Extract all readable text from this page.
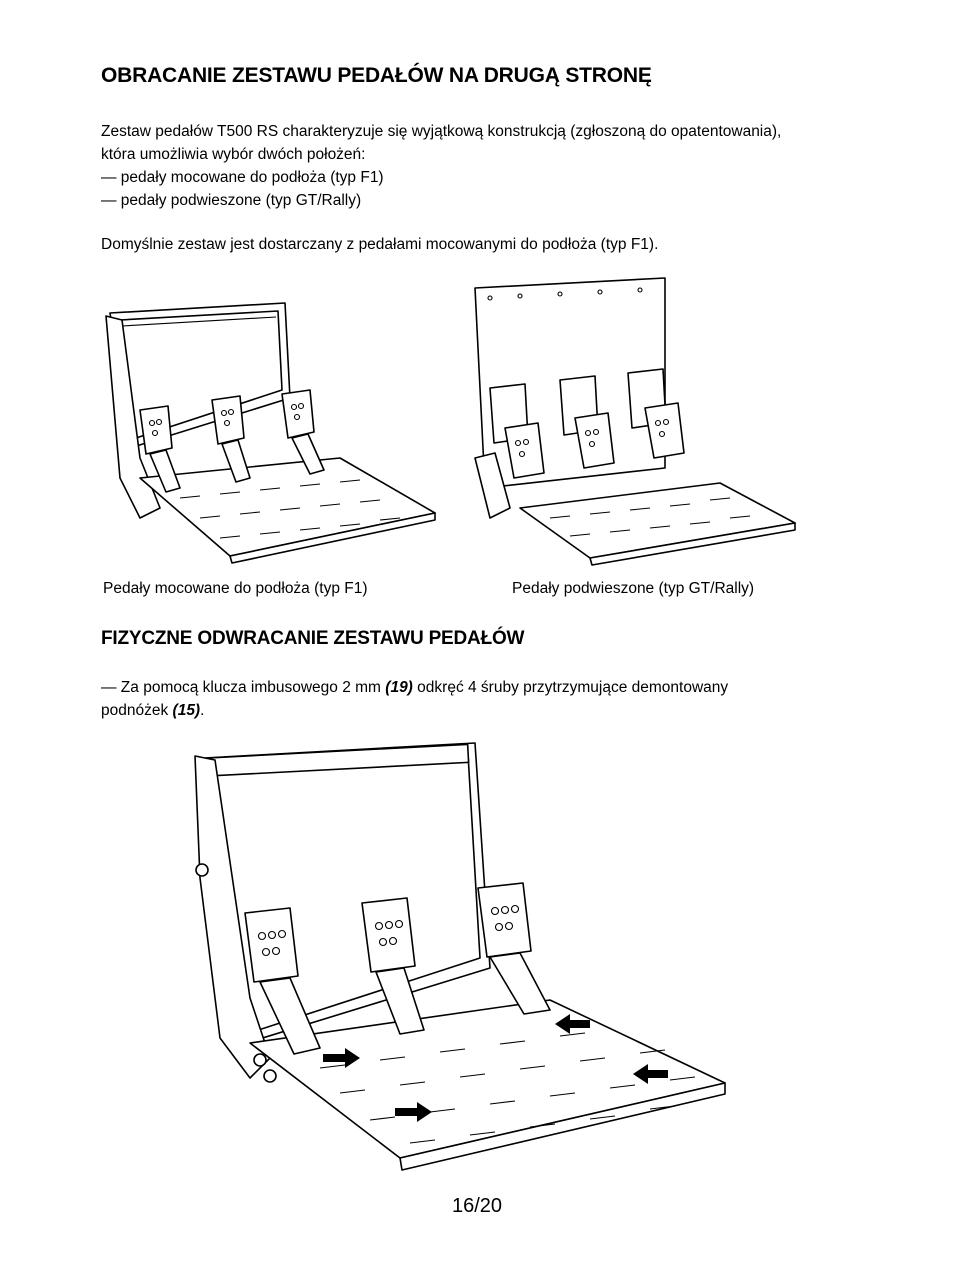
OBRACANIE ZESTAWU PEDAŁÓW NA DRUGĄ STRONĘ
Zestaw pedałów T500 RS charakteryzuje się wyjątkową konstrukcją (zgłoszoną do opatentowania),
która umożliwia wybór dwóch położeń:
— pedały mocowane do podłoża (typ F1)
— pedały podwieszone (typ GT/Rally)
Domyślnie zestaw jest dostarczany z pedałami mocowanymi do podłoża (typ F1).
Pedały mocowane do podłoża (typ F1)	Pedały podwieszone (typ GT/Rally)
FIZYCZNE ODWRACANIE ZESTAWU PEDAŁÓW
— Za pomocą klucza imbusowego 2 mm (19) odkręć 4 śruby przytrzymujące demontowany
podnóżek (15).
16/20
